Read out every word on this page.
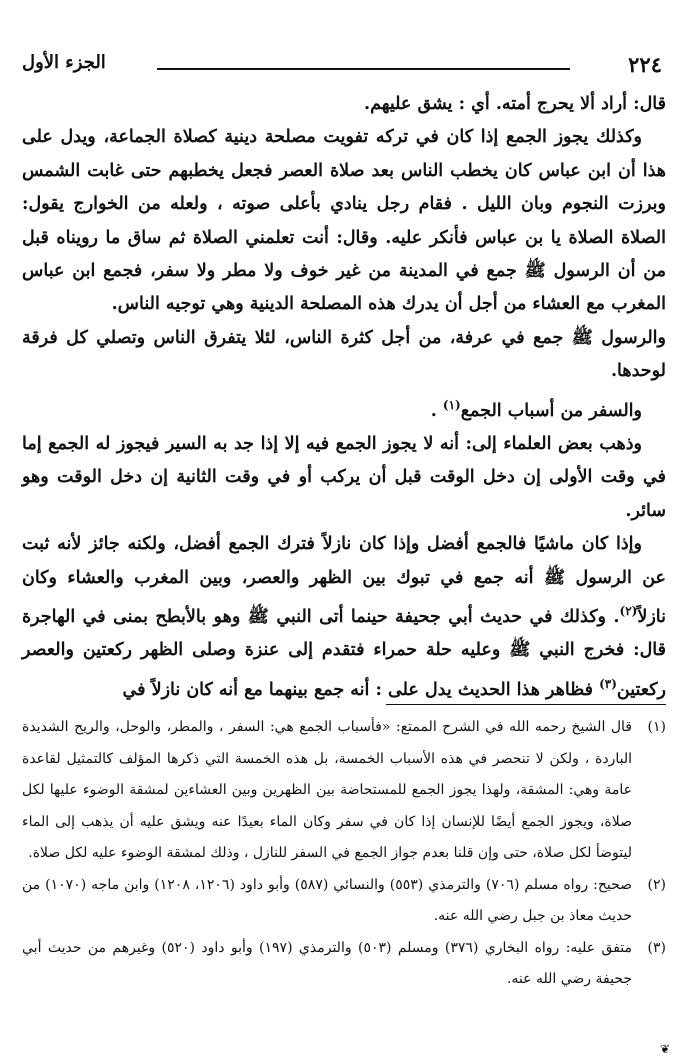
٢٢٤
الجزء الأول

قال: أراد ألا يحرج أمته. أي : يشق عليهم.

وكذلك يجوز الجمع إذا كان في تركه تفويت مصلحة دينية كصلاة الجماعة، ويدل على هذا أن ابن عباس كان يخطب الناس بعد صلاة العصر فجعل يخطبهم حتى غابت الشمس وبرزت النجوم وبان الليل . فقام رجل ينادي بأعلى صوته ، ولعله من الخوارج يقول: الصلاة الصلاة يا بن عباس فأنكر عليه. وقال: أنت تعلمني الصلاة ثم ساق ما رويناه قبل من أن الرسول ﷺ جمع في المدينة من غير خوف ولا مطر ولا سفر، فجمع ابن عباس المغرب مع العشاء من أجل أن يدرك هذه المصلحة الدينية وهي توجيه الناس.

والرسول ﷺ جمع في عرفة، من أجل كثرة الناس، لئلا يتفرق الناس وتصلي كل فرقة لوحدها.

والسفر من أسباب الجمع$^{(١)}$ .

وذهب بعض العلماء إلى: أنه لا يجوز الجمع فيه إلا إذا جد به السير فيجوز له الجمع إما في وقت الأولى إن دخل الوقت قبل أن يركب أو في وقت الثانية إن دخل الوقت وهو سائر.

وإذا كان ماشيًا فالجمع أفضل وإذا كان نازلاً فترك الجمع أفضل، ولكنه جائز لأنه ثبت عن الرسول ﷺ أنه جمع في تبوك بين الظهر والعصر، وبين المغرب والعشاء وكان نازلاً$^{(٢)}$. وكذلك في حديث أبي جحيفة حينما أتى النبي ﷺ وهو بالأبطح بمنى في الهاجرة قال: فخرج النبي ﷺ وعليه حلة حمراء فتقدم إلى عنزة وصلى الظهر ركعتين والعصر ركعتين$^{(٣)}$ فظاهر هذا الحديث يدل على : أنه جمع بينهما مع أنه كان نازلاً في

(١)

قال الشيخ رحمه الله في الشرح الممتع: «فأسباب الجمع هي: السفر ، والمطر، والوحل، والريح الشديدة الباردة ، ولكن لا تنحصر في هذه الأسباب الخمسة، بل هذه الخمسة التي ذكرها المؤلف كالتمثيل لقاعدة عامة وهي: المشقة، ولهذا يجوز الجمع للمستحاضة بين الظهرين وبين العشاءين لمشقة الوضوء عليها لكل صلاة، ويجوز الجمع أيضًا للإنسان إذا كان في سفر وكان الماء بعيدًا عنه ويشق عليه أن يذهب إلى الماء ليتوضأ لكل صلاة، حتى وإن قلنا بعدم جواز الجمع في السفر للنازل ، وذلك لمشقة الوضوء عليه لكل صلاة.

(٢)

صحيح: رواه مسلم (٧٠٦) والترمذي (٥٥٣) والنسائي (٥٨٧) وأبو داود (١٢٠٦، ١٢٠٨) وابن ماجه (١٠٧٠) من حديث معاذ بن جبل رضي الله عنه.

(٣)

متفق عليه: رواه البخاري (٣٧٦) ومسلم (٥٠٣) والترمذي (١٩٧) وأبو داود (٥٢٠) وغيرهم من حديث أبي جحيفة رضي الله عنه.

❦
